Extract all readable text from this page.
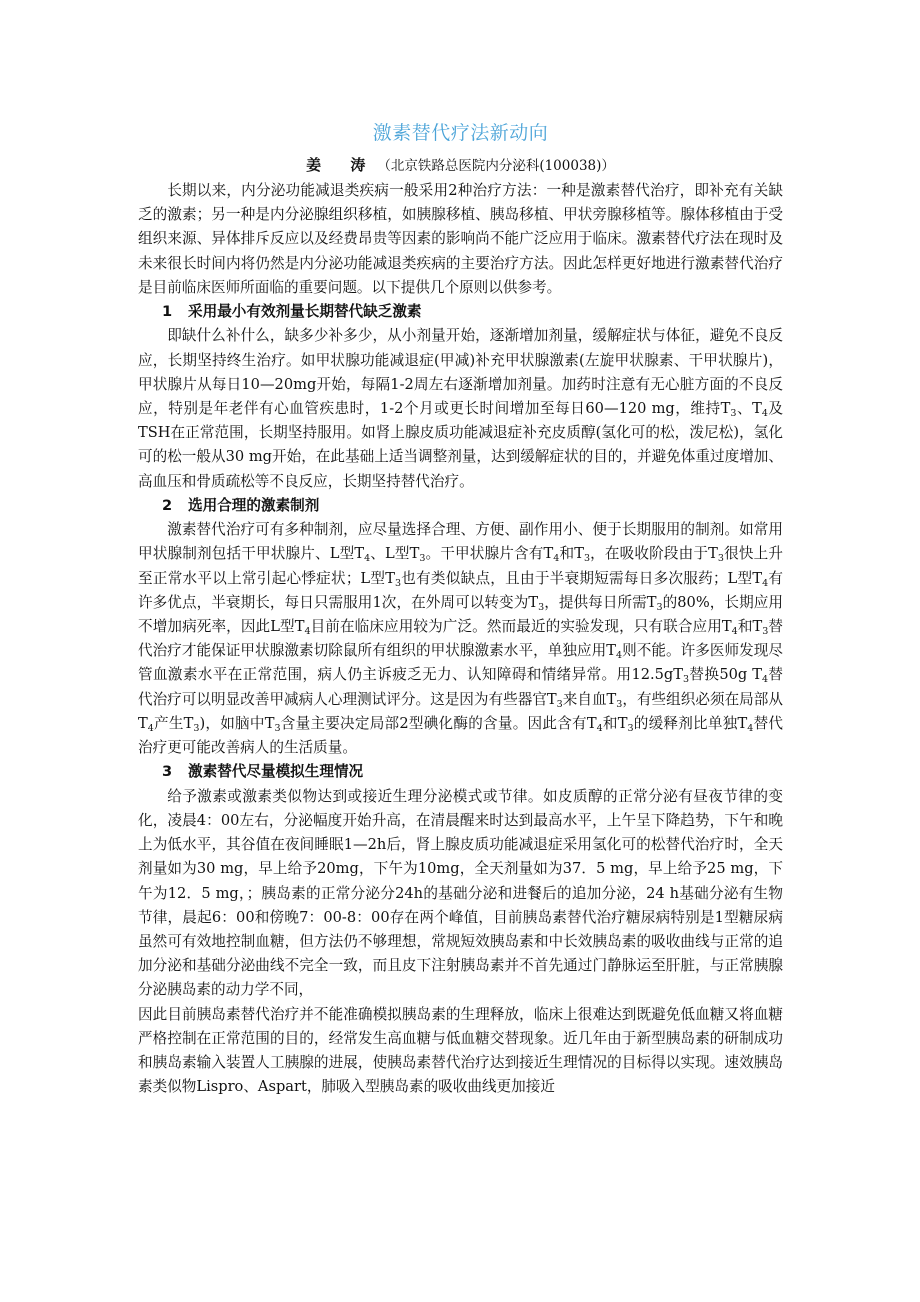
激素替代疗法新动向
姜 涛（北京铁路总医院内分泌科(100038)）

长期以来，内分泌功能减退类疾病一般采用2种治疗方法：一种是激素替代治疗，即补充有关缺乏的激素；另一种是内分泌腺组织移植，如胰腺移植、胰岛移植、甲状旁腺移植等。腺体移植由于受组织来源、异体排斥反应以及经费昂贵等因素的影响尚不能广泛应用于临床。激素替代疗法在现时及未来很长时间内将仍然是内分泌功能减退类疾病的主要治疗方法。因此怎样更好地进行激素替代治疗是目前临床医师所面临的重要问题。以下提供几个原则以供参考。

1 采用最小有效剂量长期替代缺乏激素

即缺什么补什么，缺多少补多少，从小剂量开始，逐渐增加剂量，缓解症状与体征，避免不良反应，长期坚持终生治疗。如甲状腺功能减退症(甲减)补充甲状腺激素(左旋甲状腺素、干甲状腺片)，甲状腺片从每日10—20mg开始，每隔1-2周左右逐渐增加剂量。加药时注意有无心脏方面的不良反应，特别是年老伴有心血管疾患时，1-2个月或更长时间增加至每日60—120 mg，维持$T_3$、$T_4$及TSH在正常范围，长期坚持服用。如肾上腺皮质功能减退症补充皮质醇(氢化可的松，泼尼松)，氢化可的松一般从30 mg开始，在此基础上适当调整剂量，达到缓解症状的目的，并避免体重过度增加、高血压和骨质疏松等不良反应，长期坚持替代治疗。

2 选用合理的激素制剂

激素替代治疗可有多种制剂，应尽量选择合理、方便、副作用小、便于长期服用的制剂。如常用甲状腺制剂包括干甲状腺片、L型$T_4$、L型$T_3$。干甲状腺片含有$T_4$和$T_3$，在吸收阶段由于$T_3$很快上升至正常水平以上常引起心悸症状；L型$T_3$也有类似缺点，且由于半衰期短需每日多次服药；L型$T_4$有许多优点，半衰期长，每日只需服用1次，在外周可以转变为$T_3$，提供每日所需$T_3$的80%，长期应用不增加病死率，因此L型$T_4$目前在临床应用较为广泛。然而最近的实验发现，只有联合应用$T_4$和$T_3$替代治疗才能保证甲状腺激素切除鼠所有组织的甲状腺激素水平，单独应用$T_4$则不能。许多医师发现尽管血激素水平在正常范围，病人仍主诉疲乏无力、认知障碍和情绪异常。用$12.5gT_3$替换50g $T_4$替代治疗可以明显改善甲减病人心理测试评分。这是因为有些器官$T_3$来自血$T_3$，有些组织必须在局部从$T_4$产生$T_3$)，如脑中$T_3$含量主要决定局部2型碘化酶的含量。因此含有$T_4$和$T_3$的缓释剂比单独$T_4$替代治疗更可能改善病人的生活质量。

3 激素替代尽量模拟生理情况

给予激素或激素类似物达到或接近生理分泌模式或节律。如皮质醇的正常分泌有昼夜节律的变化，凌晨4：00左右，分泌幅度开始升高，在清晨醒来时达到最高水平，上午呈下降趋势，下午和晚上为低水平，其谷值在夜间睡眠1—2h后，肾上腺皮质功能减退症采用氢化可的松替代治疗时，全天剂量如为30 mg，早上给予20mg，下午为10mg，全天剂量如为37．5 mg，早上给予25 mg，下午为12．5 mg，；胰岛素的正常分泌分24h的基础分泌和进餐后的追加分泌，24 h基础分泌有生物节律，晨起6：00和傍晚7：00-8：00存在两个峰值，目前胰岛素替代治疗糖尿病特别是1型糖尿病虽然可有效地控制血糖，但方法仍不够理想，常规短效胰岛素和中长效胰岛素的吸收曲线与正常的追加分泌和基础分泌曲线不完全一致，而且皮下注射胰岛素并不首先通过门静脉运至肝脏，与正常胰腺分泌胰岛素的动力学不同，

因此目前胰岛素替代治疗并不能准确模拟胰岛素的生理释放，临床上很难达到既避免低血糖又将血糖严格控制在正常范围的目的，经常发生高血糖与低血糖交替现象。近几年由于新型胰岛素的研制成功和胰岛素输入装置人工胰腺的进展，使胰岛素替代治疗达到接近生理情况的目标得以实现。速效胰岛素类似物Lispro、Aspart，肺吸入型胰岛素的吸收曲线更加接近
